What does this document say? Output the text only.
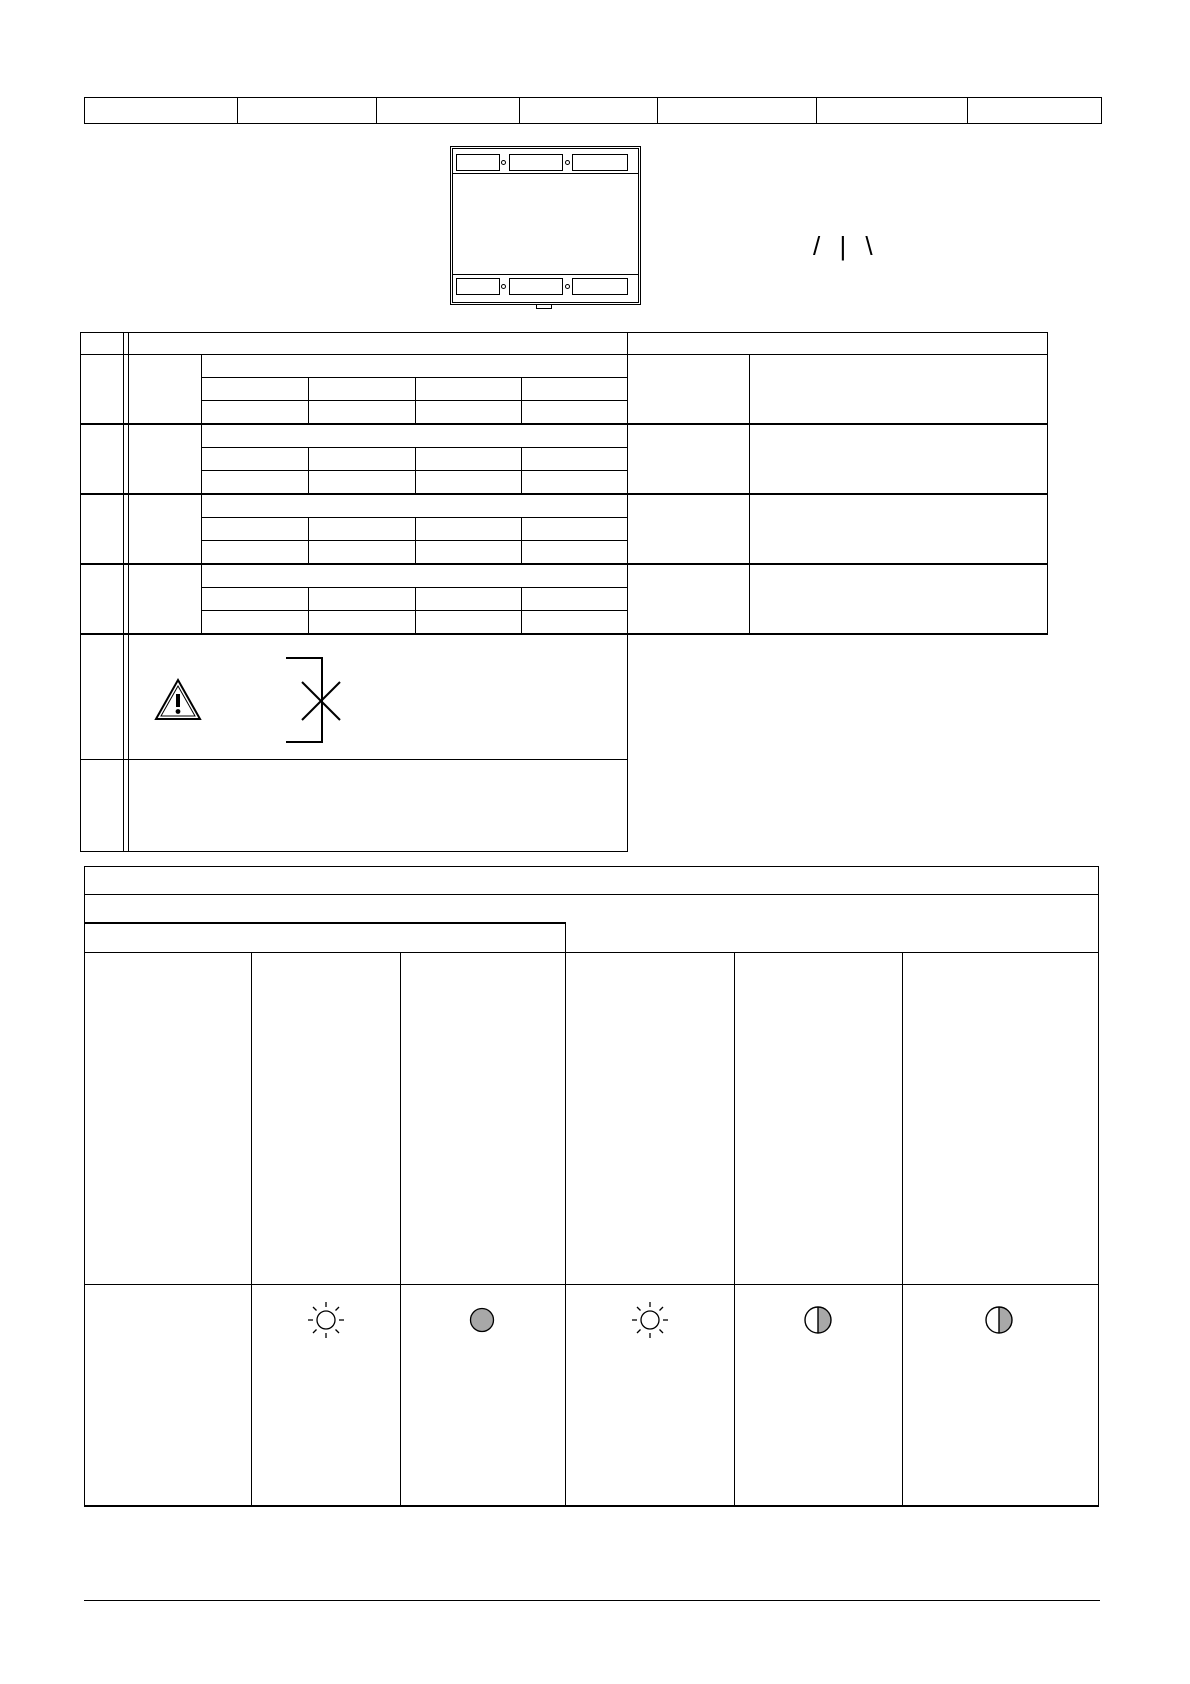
/ | \
